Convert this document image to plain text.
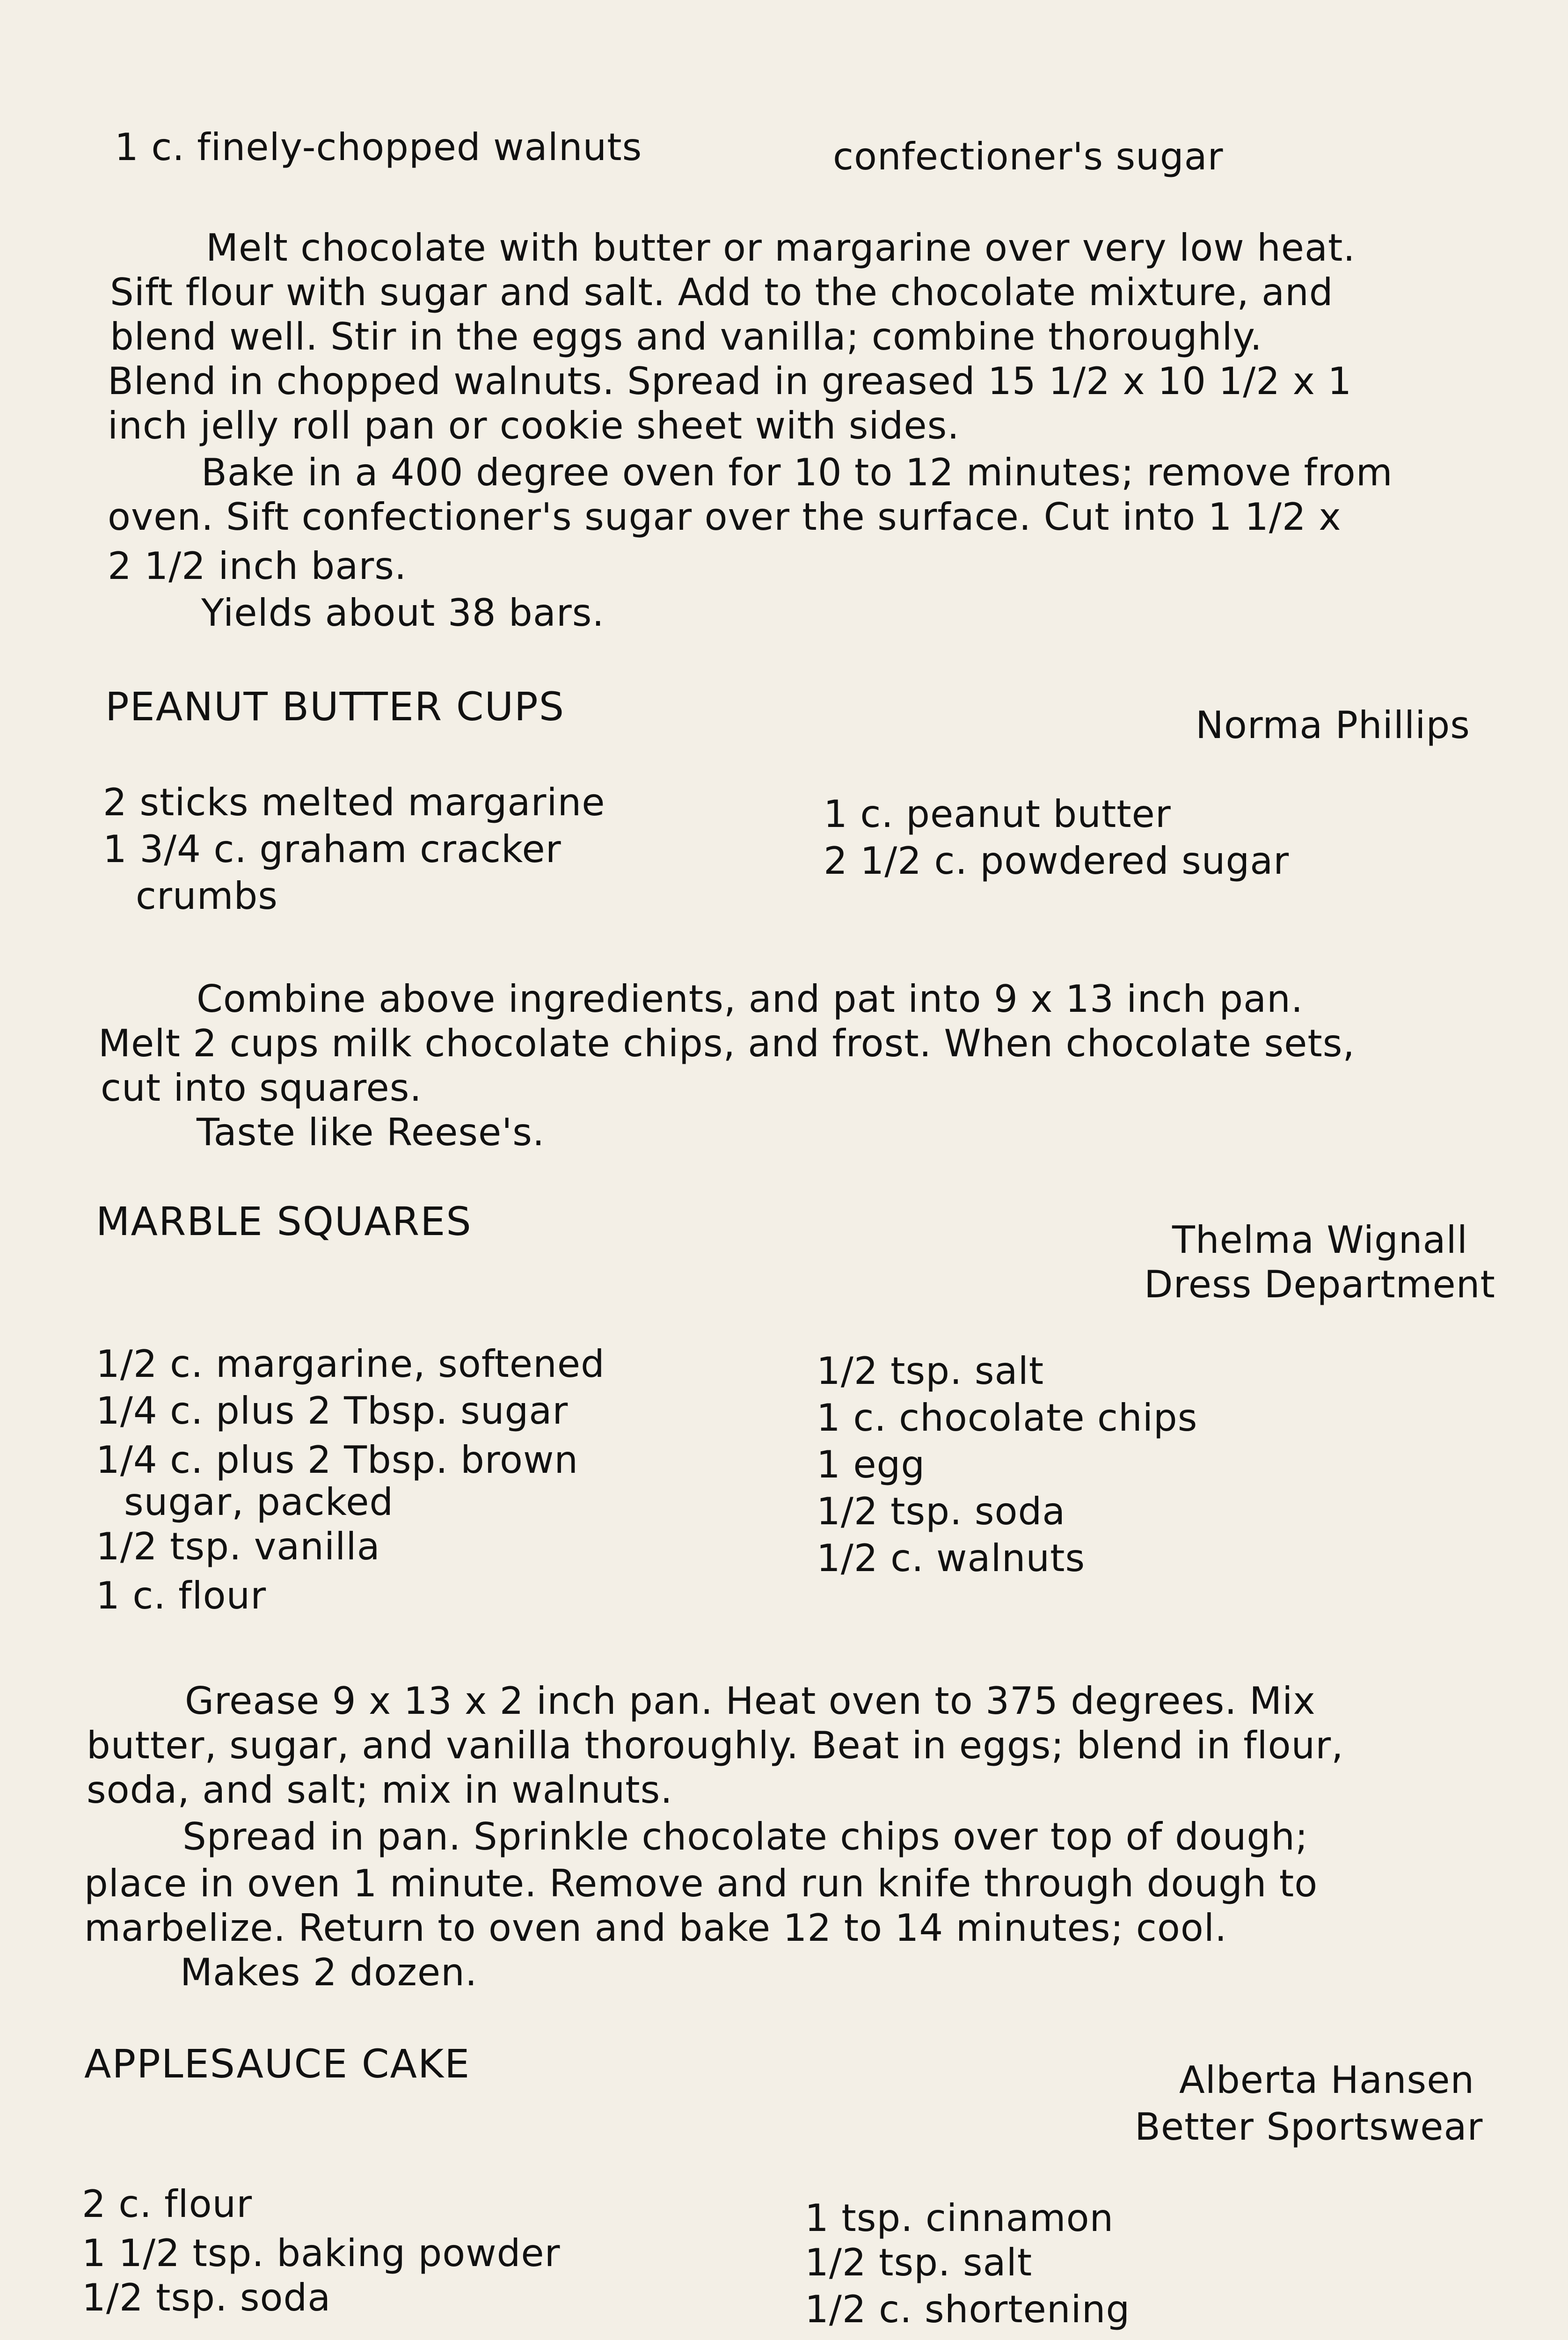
1 c. finely-chopped walnuts	confectioner's sugar
Melt chocolate with butter or margarine over very low heat.
Sift flour with sugar and salt. Add to the chocolate mixture, and
blend well. Stir in the eggs and vanilla; combine thoroughly.
Blend in chopped walnuts. Spread in greased 15 1/2 x 10 1/2 x 1
inch jelly roll pan or cookie sheet with sides.
Bake in a 400 degree oven for 10 to 12 minutes; remove from
oven. Sift confectioner's sugar over the surface. Cut into 1 1/2 x
2 1/2 inch bars.
Yields about 38 bars.
PEANUT BUTTER CUPS	Norma Phillips
2 sticks melted margarine
1 3/4 c. graham cracker
crumbs
1 c. peanut butter
2 1/2 c. powdered sugar
Combine above ingredients, and pat into 9 x 13 inch pan.
Melt 2 cups milk chocolate chips, and frost. When chocolate sets,
cut into squares.
Taste like Reese's.
MARBLE SQUARES	Thelma Wignall
Dress Department
1/2 c. margarine, softened
1/4 c. plus 2 Tbsp. sugar
1/4 c. plus 2 Tbsp. brown
sugar, packed
1/2 tsp. vanilla
1 c. flour
1/2 tsp. salt
1 c. chocolate chips
1 egg
1/2 tsp. soda
1/2 c. walnuts
Grease 9 x 13 x 2 inch pan. Heat oven to 375 degrees. Mix
butter, sugar, and vanilla thoroughly. Beat in eggs; blend in flour,
soda, and salt; mix in walnuts.
Spread in pan. Sprinkle chocolate chips over top of dough;
place in oven 1 minute. Remove and run knife through dough to
marbelize. Return to oven and bake 12 to 14 minutes; cool.
Makes 2 dozen.
APPLESAUCE CAKE	Alberta Hansen
Better Sportswear
2 c. flour
1 1/2 tsp. baking powder
1/2 tsp. soda
1 tsp. cinnamon
1/2 tsp. salt
1/2 c. shortening
